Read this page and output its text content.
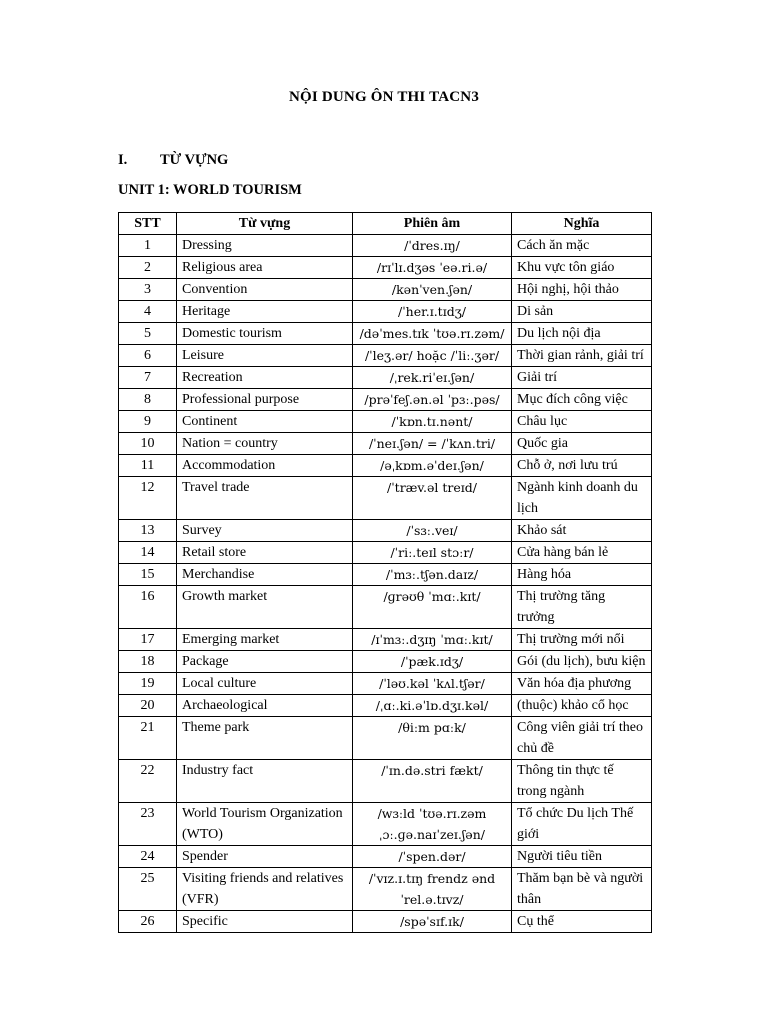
NỘI DUNG ÔN THI TACN3
I. TỪ VỰNG
UNIT 1: WORLD TOURISM
STT	Từ vựng	Phiên âm	Nghĩa
1	Dressing	/ˈdres.ɪŋ/	Cách ăn mặc
2	Religious area	/rɪˈlɪ.dʒəs ˈeə.ri.ə/	Khu vực tôn giáo
3	Convention	/kənˈven.ʃən/	Hội nghị, hội thảo
4	Heritage	/ˈher.ɪ.tɪdʒ/	Di sản
5	Domestic tourism	/dəˈmes.tɪk ˈtʊə.rɪ.zəm/	Du lịch nội địa
6	Leisure	/ˈleʒ.ər/ hoặc /ˈliː.ʒər/	Thời gian rảnh, giải trí
7	Recreation	/ˌrek.riˈeɪ.ʃən/	Giải trí
8	Professional purpose	/prəˈfeʃ.ən.əl ˈpɜː.pəs/	Mục đích công việc
9	Continent	/ˈkɒn.tɪ.nənt/	Châu lục
10	Nation = country	/ˈneɪ.ʃən/ = /ˈkʌn.tri/	Quốc gia
11	Accommodation	/əˌkɒm.əˈdeɪ.ʃən/	Chỗ ở, nơi lưu trú
12	Travel trade	/ˈtræv.əl treɪd/	Ngành kinh doanh du lịch
13	Survey	/ˈsɜː.veɪ/	Khảo sát
14	Retail store	/ˈriː.teɪl stɔːr/	Cửa hàng bán lẻ
15	Merchandise	/ˈmɜː.tʃən.daɪz/	Hàng hóa
16	Growth market	/ɡrəʊθ ˈmɑː.kɪt/	Thị trường tăng trưởng
17	Emerging market	/ɪˈmɜː.dʒɪŋ ˈmɑː.kɪt/	Thị trường mới nổi
18	Package	/ˈpæk.ɪdʒ/	Gói (du lịch), bưu kiện
19	Local culture	/ˈləʊ.kəl ˈkʌl.tʃər/	Văn hóa địa phương
20	Archaeological	/ˌɑː.ki.əˈlɒ.dʒɪ.kəl/	(thuộc) khảo cổ học
21	Theme park	/θiːm pɑːk/	Công viên giải trí theo chủ đề
22	Industry fact	/ˈɪn.də.stri fækt/	Thông tin thực tế trong ngành
23	World Tourism Organization (WTO)	/wɜːld ˈtʊə.rɪ.zəm ˌɔː.ɡə.naɪˈzeɪ.ʃən/	Tổ chức Du lịch Thế giới
24	Spender	/ˈspen.dər/	Người tiêu tiền
25	Visiting friends and relatives (VFR)	/ˈvɪz.ɪ.tɪŋ frendz ənd ˈrel.ə.tɪvz/	Thăm bạn bè và người thân
26	Specific	/spəˈsɪf.ɪk/	Cụ thể
